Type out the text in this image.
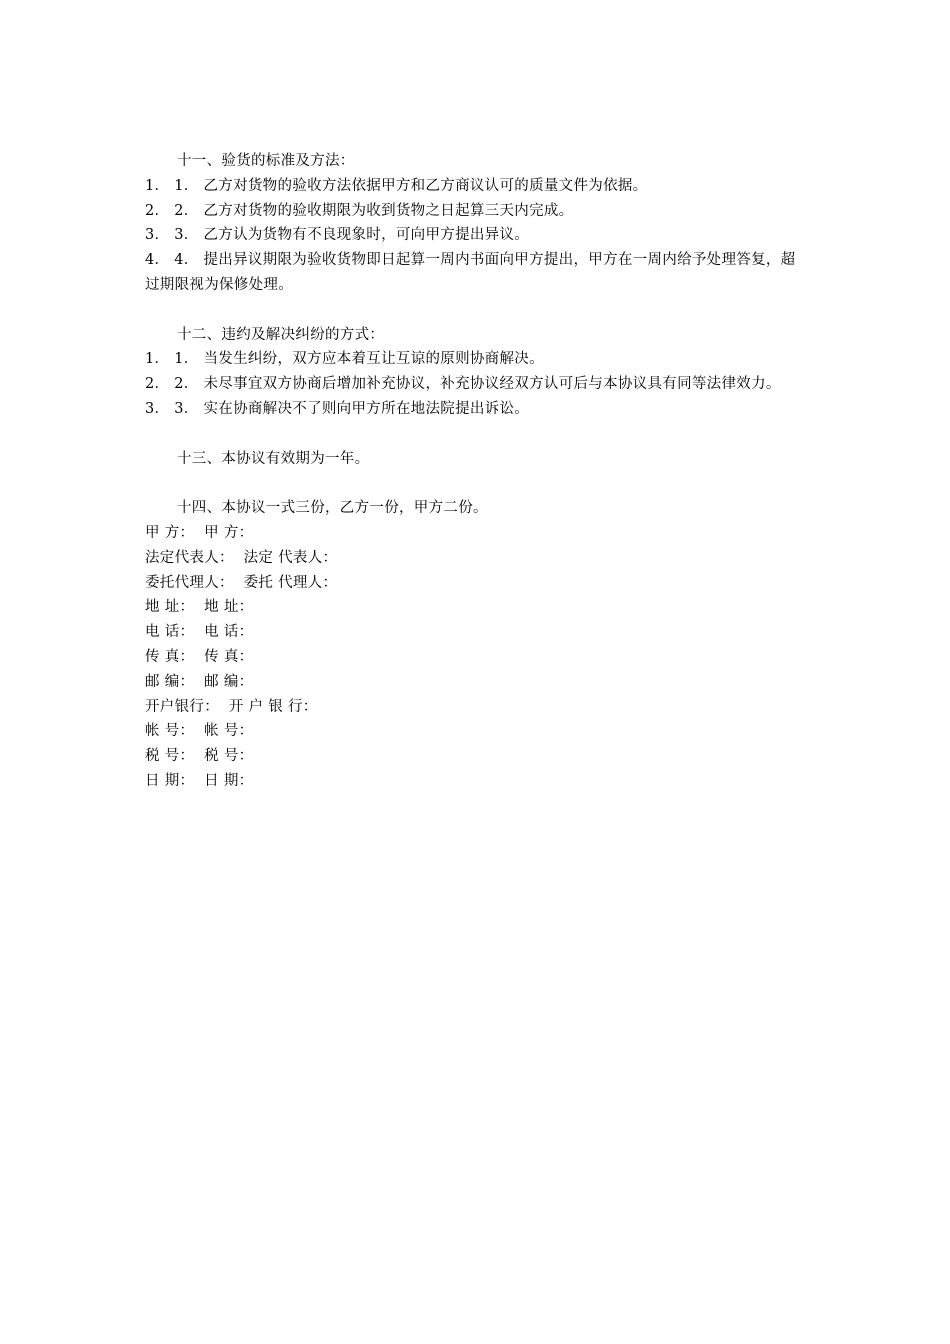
十一、验货的标准及方法：

1． 1． 乙方对货物的验收方法依据甲方和乙方商议认可的质量文件为依据。

2． 2． 乙方对货物的验收期限为收到货物之日起算三天内完成。

3． 3． 乙方认为货物有不良现象时，可向甲方提出异议。

4． 4． 提出异议期限为验收货物即日起算一周内书面向甲方提出，甲方在一周内给予处理答复，超过期限视为保修处理。

十二、违约及解决纠纷的方式：

1． 1． 当发生纠纷，双方应本着互让互谅的原则协商解决。

2． 2． 未尽事宜双方协商后增加补充协议，补充协议经双方认可后与本协议具有同等法律效力。

3． 3． 实在协商解决不了则向甲方所在地法院提出诉讼。

十三、本协议有效期为一年。

十四、本协议一式三份，乙方一份，甲方二份。

甲 方：  甲 方：

法定代表人：  法定 代表人：

委托代理人：  委托 代理人：

地 址：  地 址：

电 话：  电 话：

传 真：  传 真：

邮 编：  邮 编：

开户银行：  开 户 银 行：

帐 号：  帐 号：

税 号：  税 号：

日 期：  日 期：
